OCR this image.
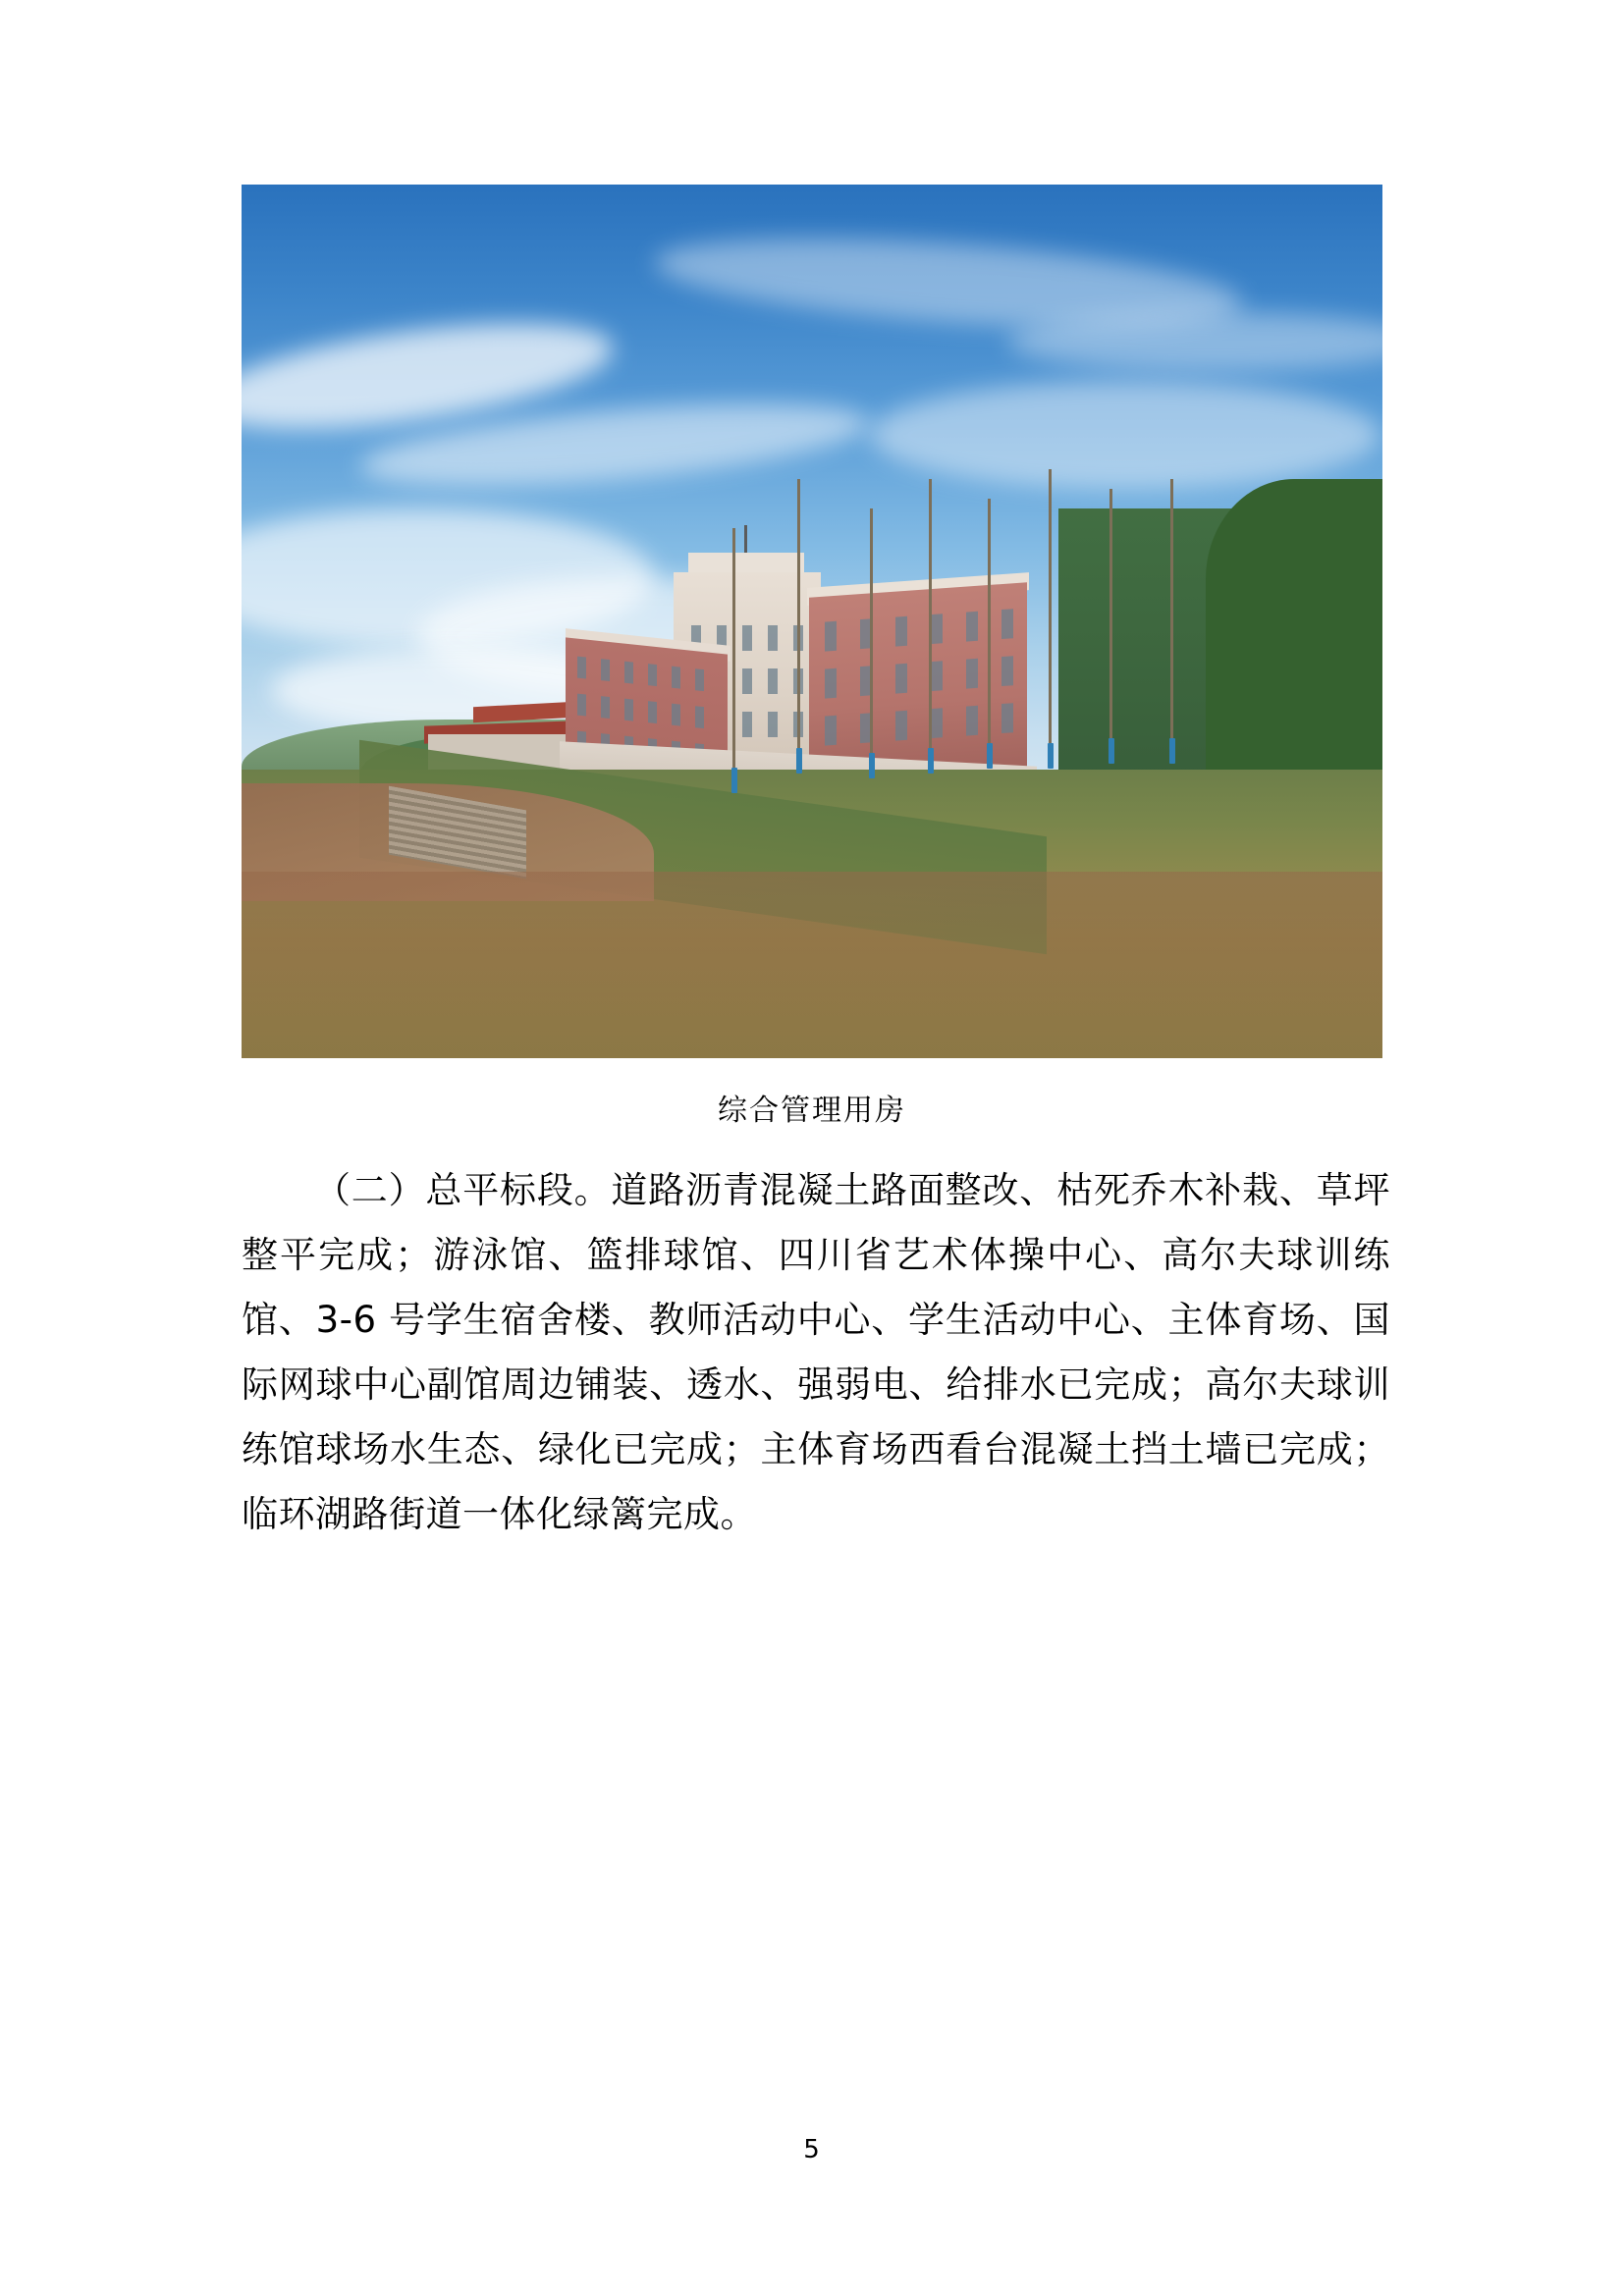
综合管理用房
（二）总平标段。道路沥青混凝土路面整改、枯死乔木补栽、草坪整平完成；游泳馆、篮排球馆、四川省艺术体操中心、高尔夫球训练馆、3-6 号学生宿舍楼、教师活动中心、学生活动中心、主体育场、国际网球中心副馆周边铺装、透水、强弱电、给排水已完成；高尔夫球训练馆球场水生态、绿化已完成；主体育场西看台混凝土挡土墙已完成；临环湖路街道一体化绿篱完成。
5
